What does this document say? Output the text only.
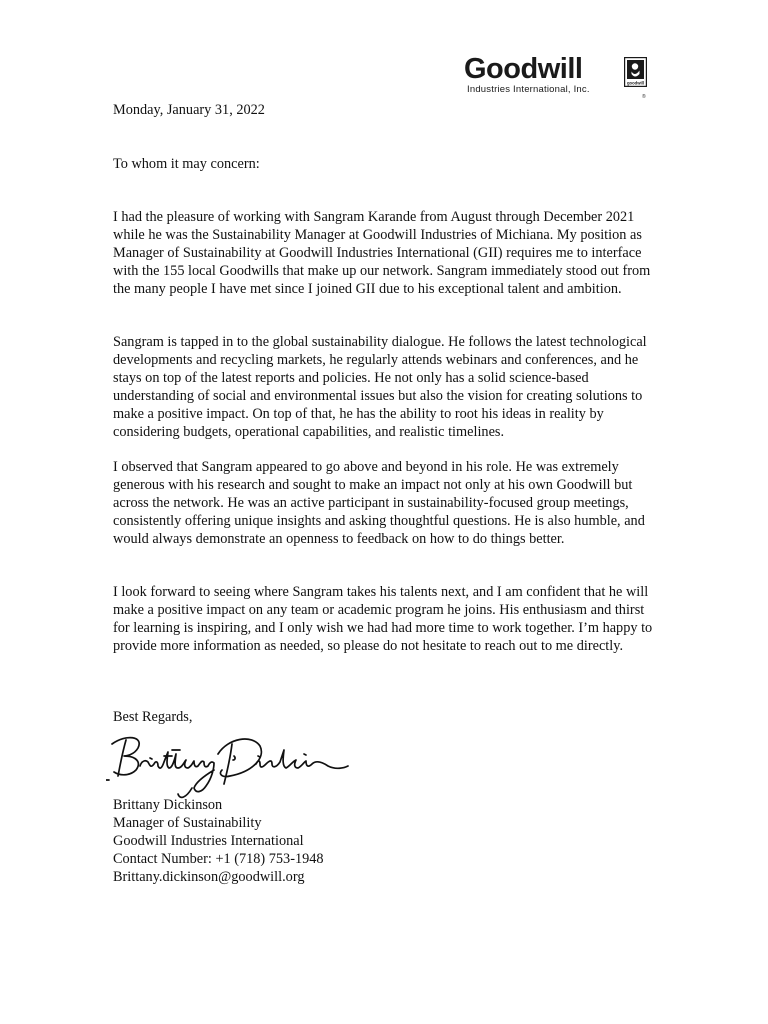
Goodwill	goodwill
Industries International, Inc.
®
Monday, January 31, 2022
To whom it may concern:

I had the pleasure of working with Sangram Karande from August through December 2021 while he was the Sustainability Manager at Goodwill Industries of Michiana. My position as Manager of Sustainability at Goodwill Industries International (GII) requires me to interface with the 155 local Goodwills that make up our network. Sangram immediately stood out from the many people I have met since I joined GII due to his exceptional talent and ambition.

Sangram is tapped in to the global sustainability dialogue. He follows the latest technological developments and recycling markets, he regularly attends webinars and conferences, and he stays on top of the latest reports and policies. He not only has a solid science-based understanding of social and environmental issues but also the vision for creating solutions to make a positive impact. On top of that, he has the ability to root his ideas in reality by considering budgets, operational capabilities, and realistic timelines.

I observed that Sangram appeared to go above and beyond in his role. He was extremely generous with his research and sought to make an impact not only at his own Goodwill but across the network. He was an active participant in sustainability-focused group meetings, consistently offering unique insights and asking thoughtful questions. He is also humble, and would always demonstrate an openness to feedback on how to do things better.

I look forward to seeing where Sangram takes his talents next, and I am confident that he will make a positive impact on any team or academic program he joins. His enthusiasm and thirst for learning is inspiring, and I only wish we had had more time to work together. I’m happy to provide more information as needed, so please do not hesitate to reach out to me directly.

Best Regards,
Brittany Dickinson
Manager of Sustainability
Goodwill Industries International
Contact Number: +1 (718) 753-1948
Brittany.dickinson@goodwill.org
